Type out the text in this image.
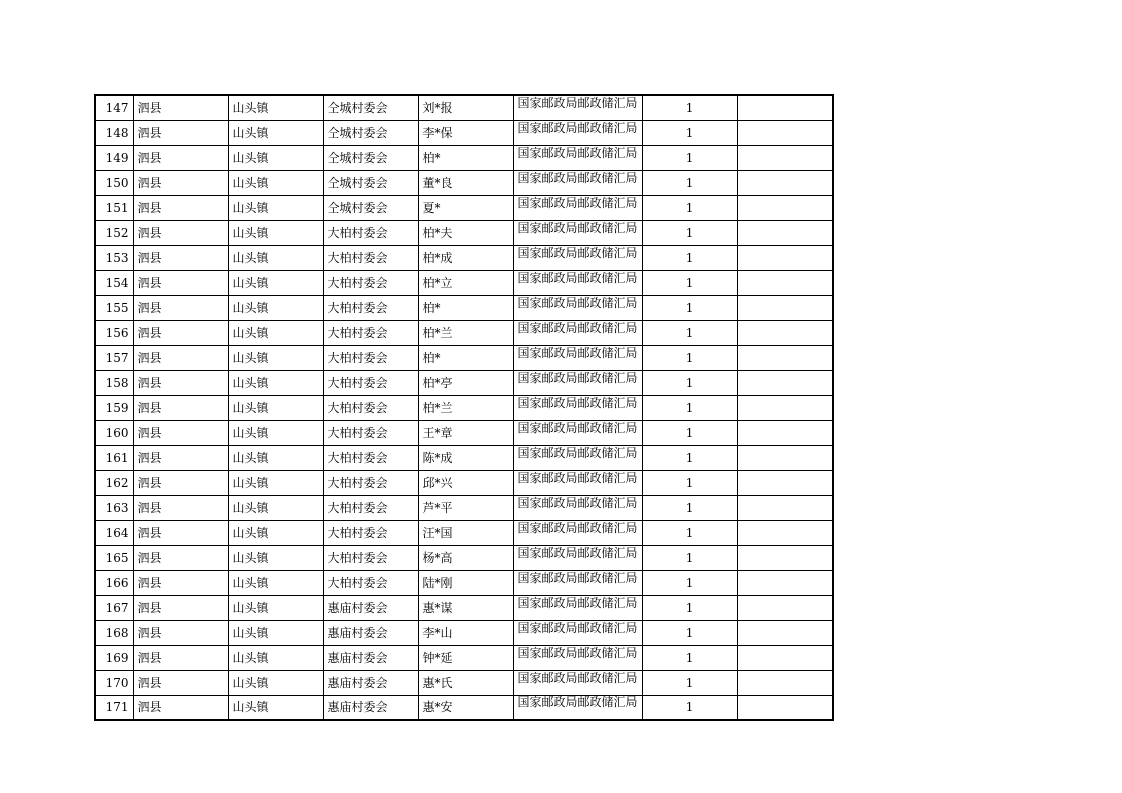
147	泗县	山头镇	仝城村委会	刘*报	国家邮政局邮政储汇局	1	
148	泗县	山头镇	仝城村委会	李*保	国家邮政局邮政储汇局	1	
149	泗县	山头镇	仝城村委会	柏*	国家邮政局邮政储汇局	1	
150	泗县	山头镇	仝城村委会	董*良	国家邮政局邮政储汇局	1	
151	泗县	山头镇	仝城村委会	夏*	国家邮政局邮政储汇局	1	
152	泗县	山头镇	大柏村委会	柏*夫	国家邮政局邮政储汇局	1	
153	泗县	山头镇	大柏村委会	柏*成	国家邮政局邮政储汇局	1	
154	泗县	山头镇	大柏村委会	柏*立	国家邮政局邮政储汇局	1	
155	泗县	山头镇	大柏村委会	柏*	国家邮政局邮政储汇局	1	
156	泗县	山头镇	大柏村委会	柏*兰	国家邮政局邮政储汇局	1	
157	泗县	山头镇	大柏村委会	柏*	国家邮政局邮政储汇局	1	
158	泗县	山头镇	大柏村委会	柏*亭	国家邮政局邮政储汇局	1	
159	泗县	山头镇	大柏村委会	柏*兰	国家邮政局邮政储汇局	1	
160	泗县	山头镇	大柏村委会	王*章	国家邮政局邮政储汇局	1	
161	泗县	山头镇	大柏村委会	陈*成	国家邮政局邮政储汇局	1	
162	泗县	山头镇	大柏村委会	邱*兴	国家邮政局邮政储汇局	1	
163	泗县	山头镇	大柏村委会	芦*平	国家邮政局邮政储汇局	1	
164	泗县	山头镇	大柏村委会	汪*国	国家邮政局邮政储汇局	1	
165	泗县	山头镇	大柏村委会	杨*高	国家邮政局邮政储汇局	1	
166	泗县	山头镇	大柏村委会	陆*刚	国家邮政局邮政储汇局	1	
167	泗县	山头镇	惠庙村委会	惠*谋	国家邮政局邮政储汇局	1	
168	泗县	山头镇	惠庙村委会	李*山	国家邮政局邮政储汇局	1	
169	泗县	山头镇	惠庙村委会	钟*延	国家邮政局邮政储汇局	1	
170	泗县	山头镇	惠庙村委会	惠*氏	国家邮政局邮政储汇局	1	
171	泗县	山头镇	惠庙村委会	惠*安	国家邮政局邮政储汇局	1	
